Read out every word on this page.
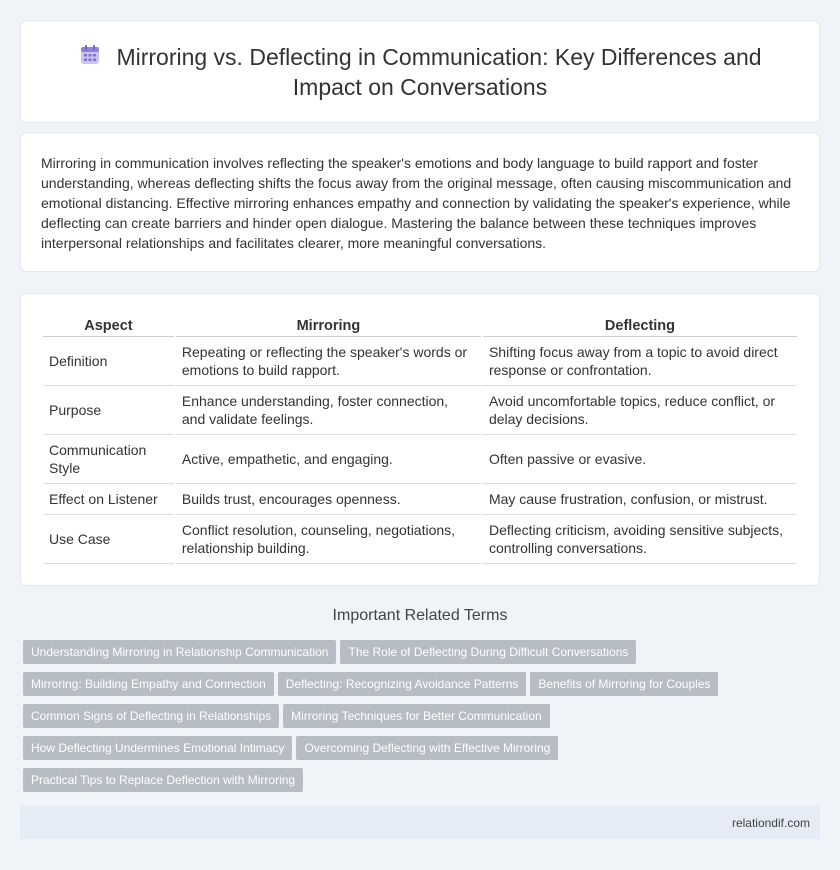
Mirroring vs. Deflecting in Communication: Key Differences and Impact on Conversations

Mirroring in communication involves reflecting the speaker's emotions and body language to build rapport and foster understanding, whereas deflecting shifts the focus away from the original message, often causing miscommunication and emotional distancing. Effective mirroring enhances empathy and connection by validating the speaker's experience, while deflecting can create barriers and hinder open dialogue. Mastering the balance between these techniques improves interpersonal relationships and facilitates clearer, more meaningful conversations.

Aspect	Mirroring	Deflecting
Definition	Repeating or reflecting the speaker's words or emotions to build rapport.	Shifting focus away from a topic to avoid direct response or confrontation.
Purpose	Enhance understanding, foster connection, and validate feelings.	Avoid uncomfortable topics, reduce conflict, or delay decisions.
Communication Style	Active, empathetic, and engaging.	Often passive or evasive.
Effect on Listener	Builds trust, encourages openness.	May cause frustration, confusion, or mistrust.
Use Case	Conflict resolution, counseling, negotiations, relationship building.	Deflecting criticism, avoiding sensitive subjects, controlling conversations.
Important Related Terms
Understanding Mirroring in Relationship Communication The Role of Deflecting During Difficult Conversations
Mirroring: Building Empathy and Connection Deflecting: Recognizing Avoidance Patterns Benefits of Mirroring for Couples
Common Signs of Deflecting in Relationships Mirroring Techniques for Better Communication
How Deflecting Undermines Emotional Intimacy Overcoming Deflecting with Effective Mirroring
Practical Tips to Replace Deflection with Mirroring
relationdif.com
